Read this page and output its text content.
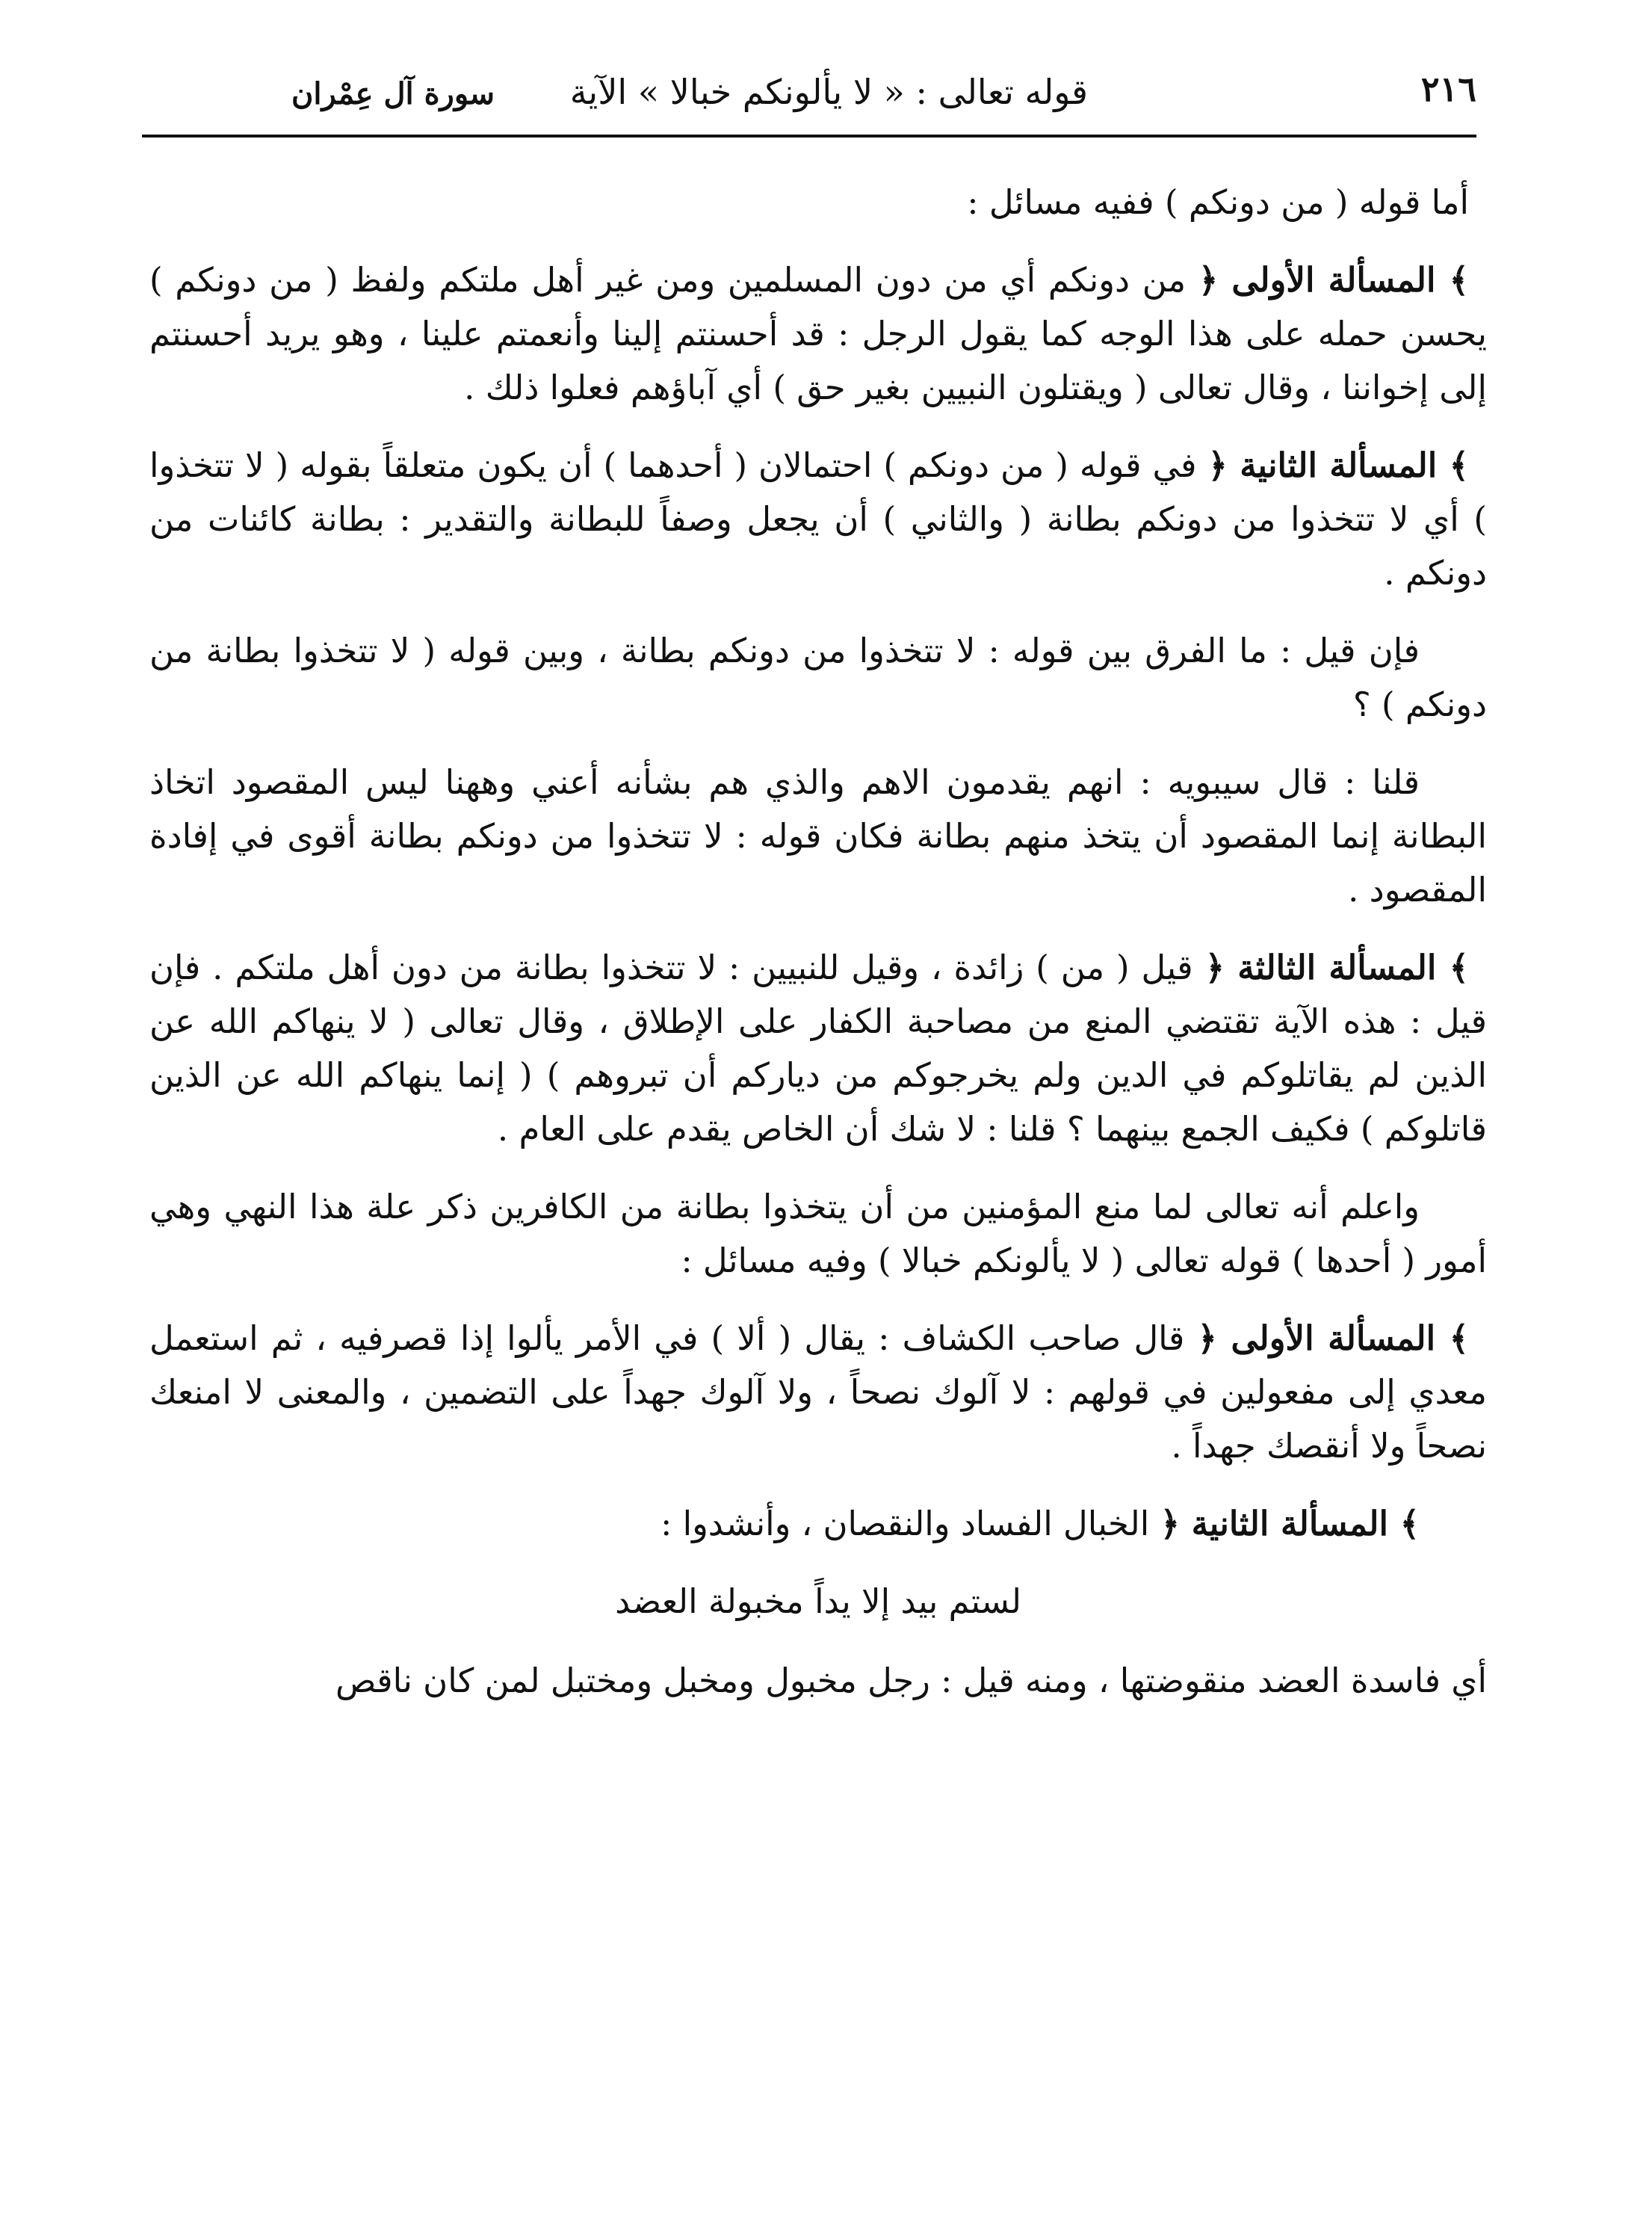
٢١٦
قوله تعالى : « لا يألونكم خبالا » الآية
سورة آل عِمْران

أما قوله ( من دونكم ) ففيه مسائل :

﴾ المسألة الأولى ﴿ من دونكم أي من دون المسلمين ومن غير أهل ملتكم ولفظ ( من دونكم ) يحسن حمله على هذا الوجه كما يقول الرجل : قد أحسنتم إلينا وأنعمتم علينا ، وهو يريد أحسنتم إلى إخواننا ، وقال تعالى ( ويقتلون النبيين بغير حق ) أي آباؤهم فعلوا ذلك .

﴾ المسألة الثانية ﴿ في قوله ( من دونكم ) احتمالان ( أحدهما ) أن يكون متعلقاً بقوله ( لا تتخذوا ) أي لا تتخذوا من دونكم بطانة ( والثاني ) أن يجعل وصفاً للبطانة والتقدير : بطانة كائنات من دونكم .

فإن قيل : ما الفرق بين قوله : لا تتخذوا من دونكم بطانة ، وبين قوله ( لا تتخذوا بطانة من دونكم ) ؟

قلنا : قال سيبويه : انهم يقدمون الاهم والذي هم بشأنه أعني وههنا ليس المقصود اتخاذ البطانة إنما المقصود أن يتخذ منهم بطانة فكان قوله : لا تتخذوا من دونكم بطانة أقوى في إفادة المقصود .

﴾ المسألة الثالثة ﴿ قيل ( من ) زائدة ، وقيل للنبيين : لا تتخذوا بطانة من دون أهل ملتكم . فإن قيل : هذه الآية تقتضي المنع من مصاحبة الكفار على الإطلاق ، وقال تعالى ( لا ينهاكم الله عن الذين لم يقاتلوكم في الدين ولم يخرجوكم من دياركم أن تبروهم ) ( إنما ينهاكم الله عن الذين قاتلوكم ) فكيف الجمع بينهما ؟ قلنا : لا شك أن الخاص يقدم على العام .

واعلم أنه تعالى لما منع المؤمنين من أن يتخذوا بطانة من الكافرين ذكر علة هذا النهي وهي أمور ( أحدها ) قوله تعالى ( لا يألونكم خبالا ) وفيه مسائل :

﴾ المسألة الأولى ﴿ قال صاحب الكشاف : يقال ( ألا ) في الأمر يألوا إذا قصرفيه ، ثم استعمل معدي إلى مفعولين في قولهم : لا آلوك نصحاً ، ولا آلوك جهداً على التضمين ، والمعنى لا امنعك نصحاً ولا أنقصك جهداً .

﴾ المسألة الثانية ﴿ الخبال الفساد والنقصان ، وأنشدوا :

لستم بيد إلا يداً مخبولة العضد

أي فاسدة العضد منقوضتها ، ومنه قيل : رجل مخبول ومخبل ومختبل لمن كان ناقص
